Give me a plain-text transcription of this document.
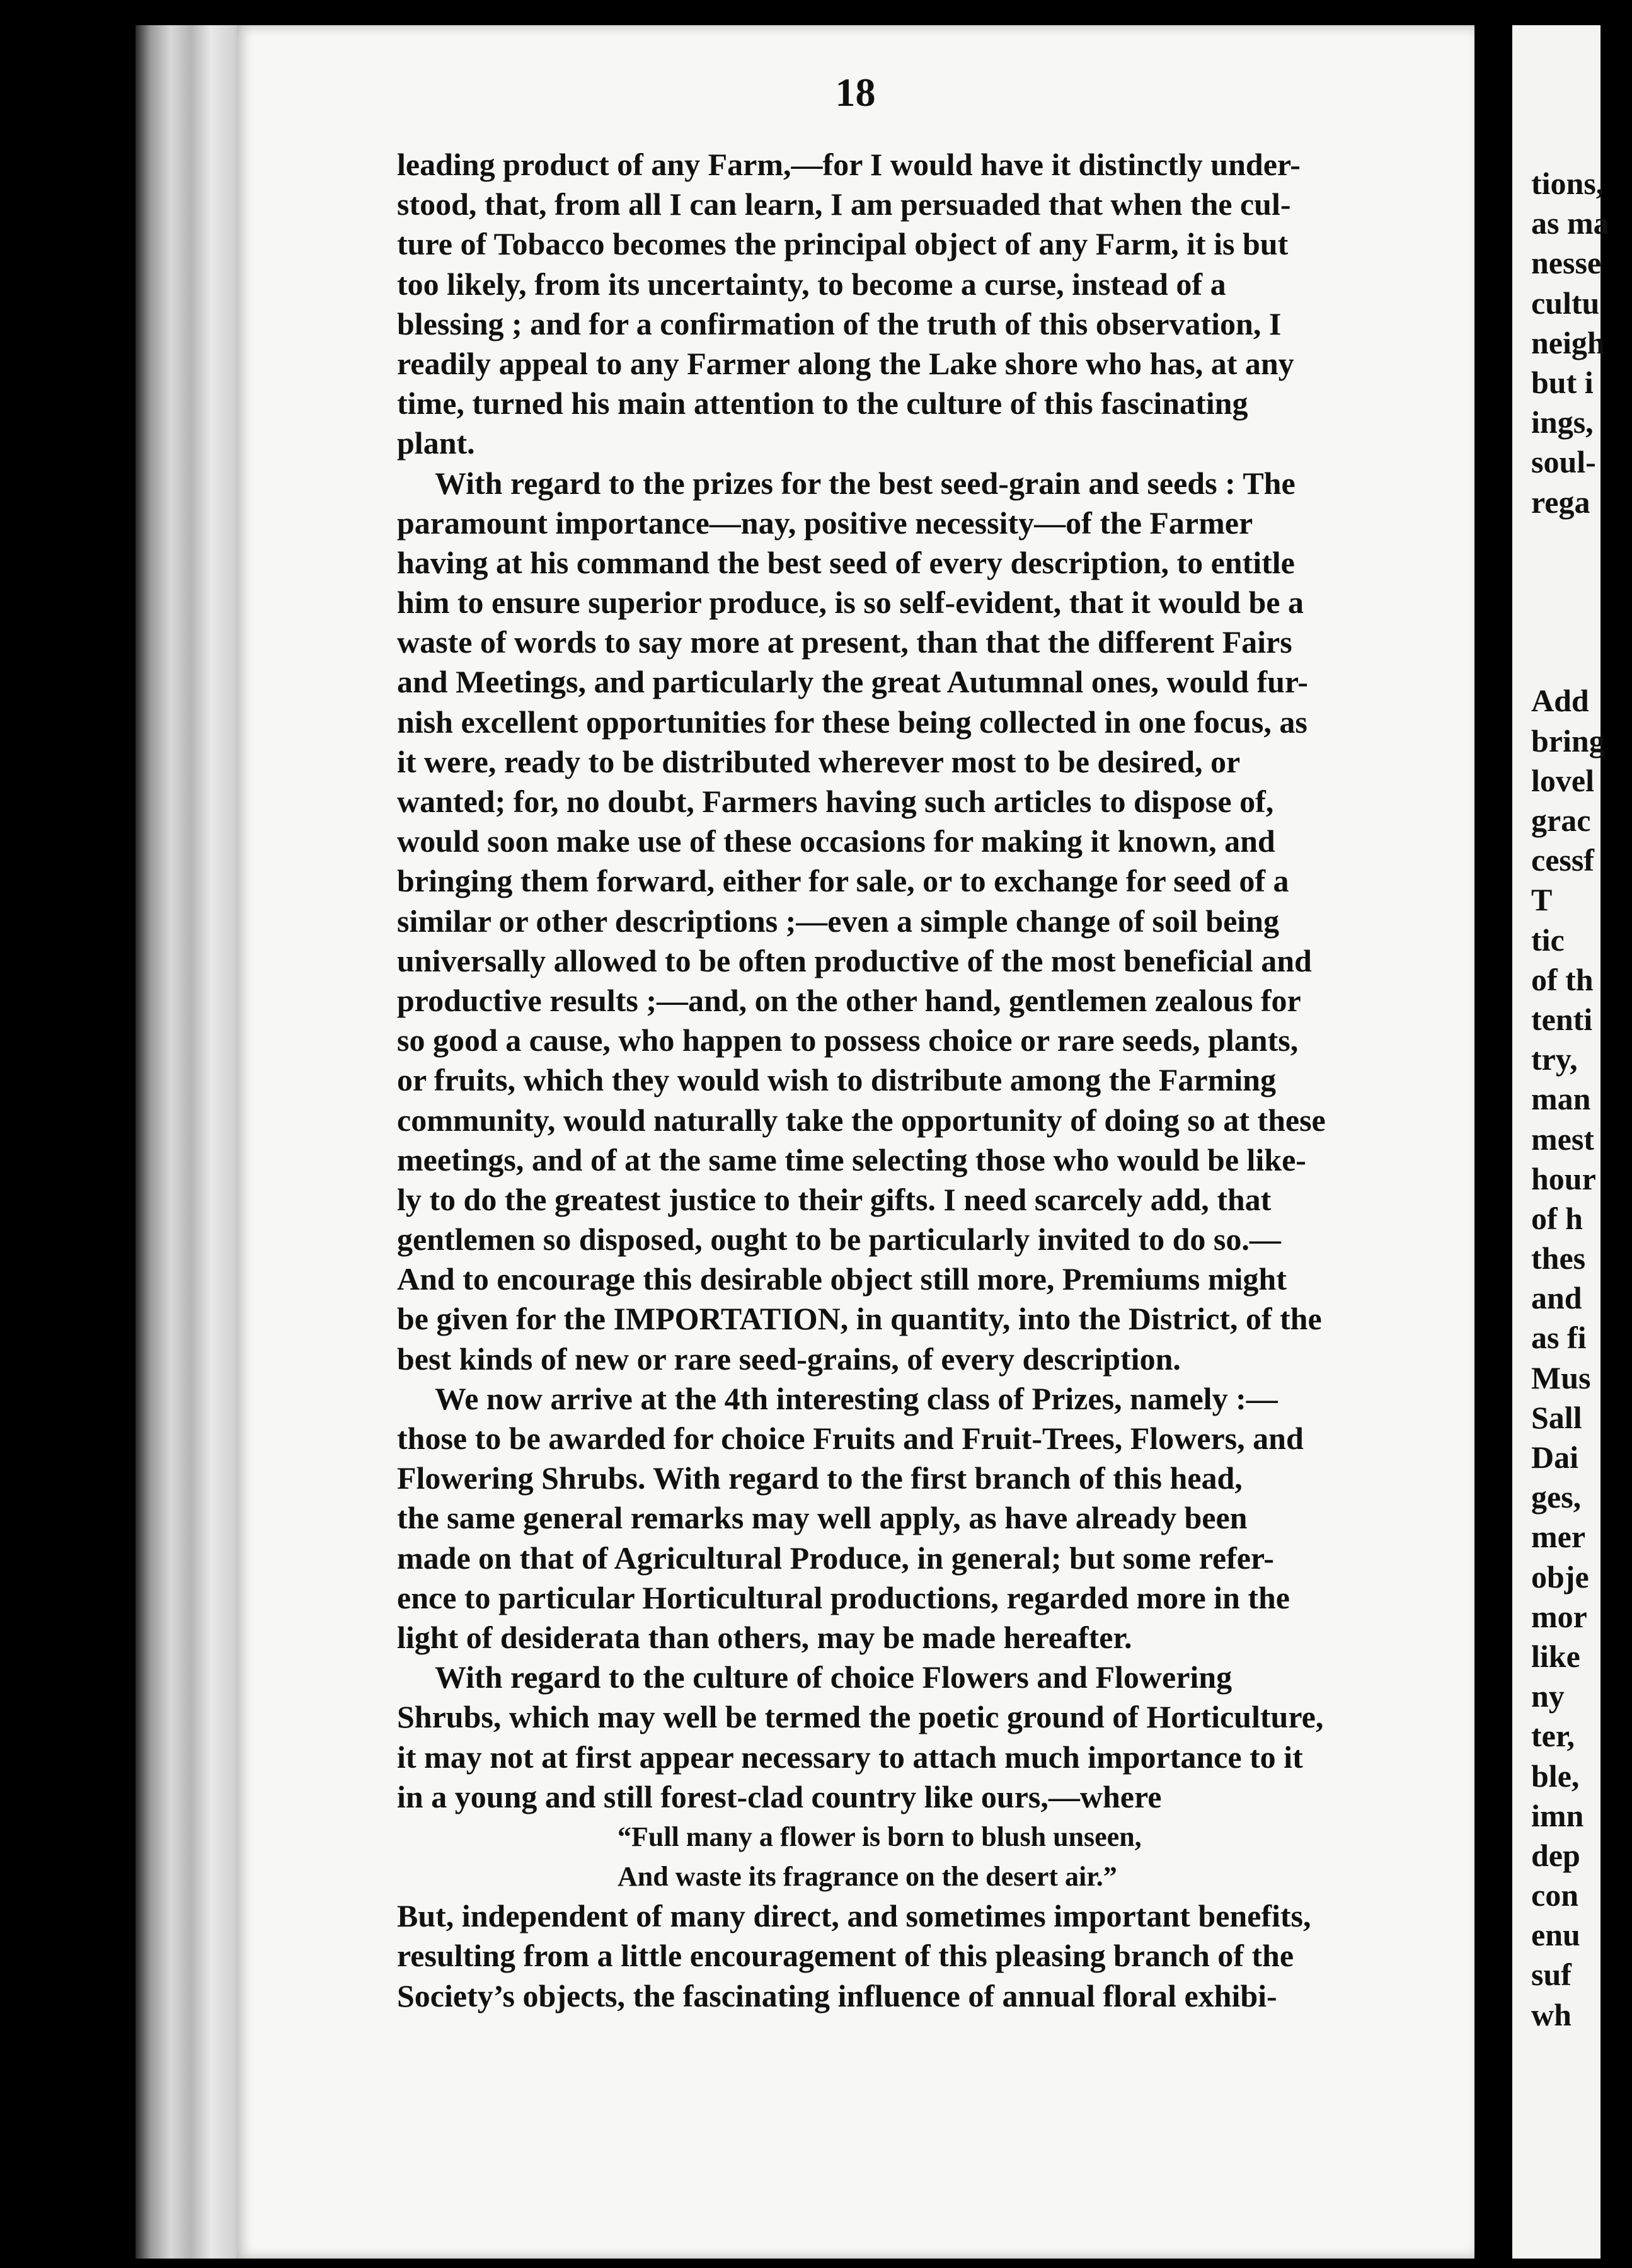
18
leading product of any Farm,—for I would have it distinctly under-
stood, that, from all I can learn, I am persuaded that when the cul-
ture of Tobacco becomes the principal object of any Farm, it is but
too likely, from its uncertainty, to become a curse, instead of a
blessing ; and for a confirmation of the truth of this observation, I
readily appeal to any Farmer along the Lake shore who has, at any
time, turned his main attention to the culture of this fascinating
plant.
With regard to the prizes for the best seed-grain and seeds : The
paramount importance—nay, positive necessity—of the Farmer
having at his command the best seed of every description, to entitle
him to ensure superior produce, is so self-evident, that it would be a
waste of words to say more at present, than that the different Fairs
and Meetings, and particularly the great Autumnal ones, would fur-
nish excellent opportunities for these being collected in one focus, as
it were, ready to be distributed wherever most to be desired, or
wanted; for, no doubt, Farmers having such articles to dispose of,
would soon make use of these occasions for making it known, and
bringing them forward, either for sale, or to exchange for seed of a
similar or other descriptions ;—even a simple change of soil being
universally allowed to be often productive of the most beneficial and
productive results ;—and, on the other hand, gentlemen zealous for
so good a cause, who happen to possess choice or rare seeds, plants,
or fruits, which they would wish to distribute among the Farming
community, would naturally take the opportunity of doing so at these
meetings, and of at the same time selecting those who would be like-
ly to do the greatest justice to their gifts. I need scarcely add, that
gentlemen so disposed, ought to be particularly invited to do so.—
And to encourage this desirable object still more, Premiums might
be given for the IMPORTATION, in quantity, into the District, of the
best kinds of new or rare seed-grains, of every description.
We now arrive at the 4th interesting class of Prizes, namely :—
those to be awarded for choice Fruits and Fruit-Trees, Flowers, and
Flowering Shrubs. With regard to the first branch of this head,
the same general remarks may well apply, as have already been
made on that of Agricultural Produce, in general; but some refer-
ence to particular Horticultural productions, regarded more in the
light of desiderata than others, may be made hereafter.
With regard to the culture of choice Flowers and Flowering
Shrubs, which may well be termed the poetic ground of Horticulture,
it may not at first appear necessary to attach much importance to it
in a young and still forest-clad country like ours,—where
“Full many a flower is born to blush unseen,
And waste its fragrance on the desert air.”
But, independent of many direct, and sometimes important benefits,
resulting from a little encouragement of this pleasing branch of the
Society’s objects, the fascinating influence of annual floral exhibi-
tions,
as ma
nesse
cultu
neigh
but i
ings,
soul-
rega
Add
bring
lovel
grac
cessf
T
tic
of th
tenti
try,
man
mest
hour
of h
thes
and
as fi
Mus
Sall
Dai
ges,
mer
obje
mor
like
ny
ter,
ble,
imn
dep
con
enu
suf
wh
